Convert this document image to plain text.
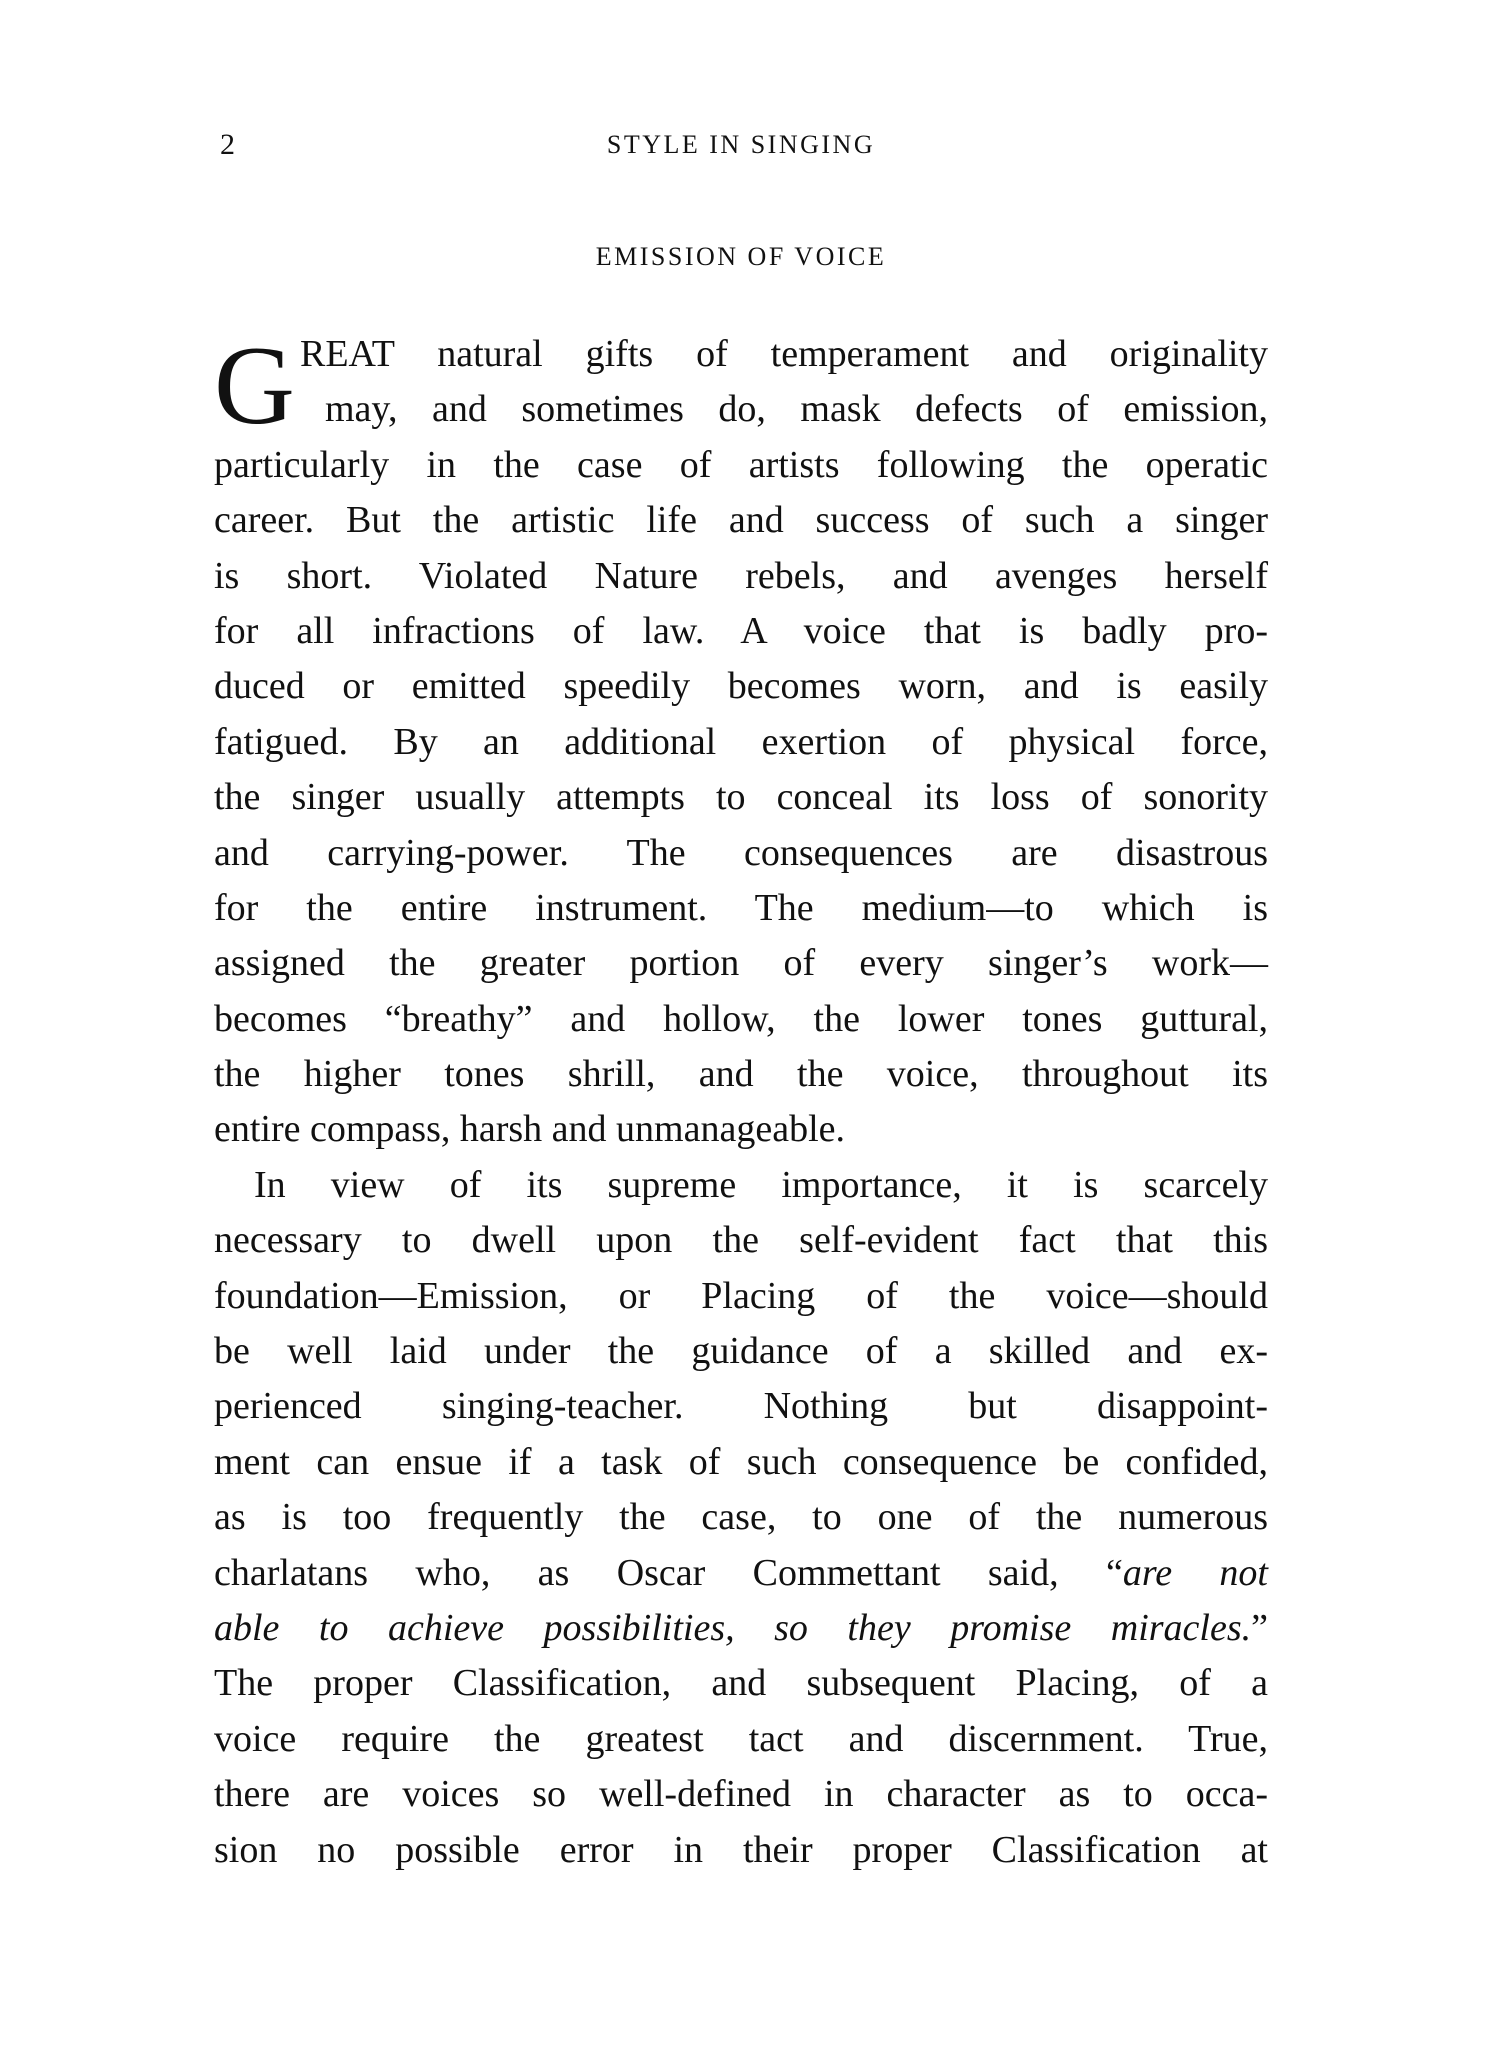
2	STYLE IN SINGING
EMISSION OF VOICE
G REAT natural gifts of temperament and originality
may, and sometimes do, mask defects of emission,
particularly in the case of artists following the operatic
career. But the artistic life and success of such a singer
is short. Violated Nature rebels, and avenges herself
for all infractions of law. A voice that is badly pro-
duced or emitted speedily becomes worn, and is easily
fatigued. By an additional exertion of physical force,
the singer usually attempts to conceal its loss of sonority
and carrying-power. The consequences are disastrous
for the entire instrument. The medium—to which is
assigned the greater portion of every singer’s work—
becomes “breathy” and hollow, the lower tones guttural,
the higher tones shrill, and the voice, throughout its
entire compass, harsh and unmanageable.
In view of its supreme importance, it is scarcely
necessary to dwell upon the self-evident fact that this
foundation—Emission, or Placing of the voice—should
be well laid under the guidance of a skilled and ex-
perienced singing-teacher. Nothing but disappoint-
ment can ensue if a task of such consequence be confided,
as is too frequently the case, to one of the numerous
charlatans who, as Oscar Commettant said, “are not
able to achieve possibilities, so they promise miracles.”
The proper Classification, and subsequent Placing, of a
voice require the greatest tact and discernment. True,
there are voices so well-defined in character as to occa-
sion no possible error in their proper Classification at
